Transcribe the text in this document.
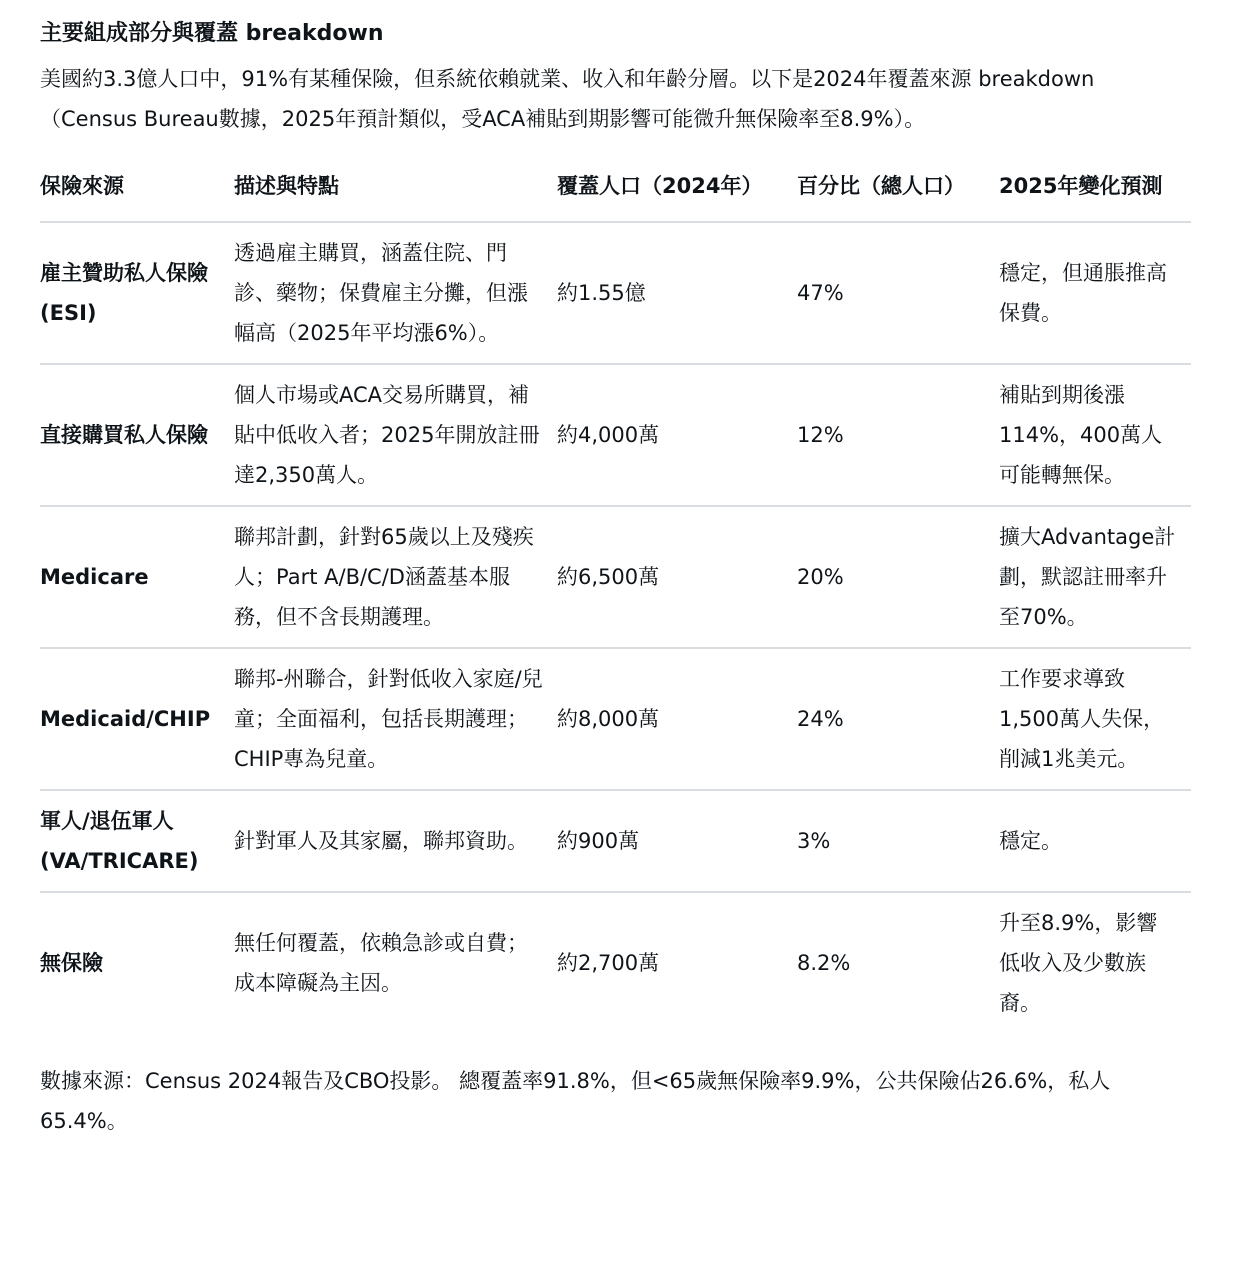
主要組成部分與覆蓋 breakdown

美國約3.3億人口中，91%有某種保險，但系統依賴就業、收入和年齡分層。以下是2024年覆蓋來源 breakdown（Census Bureau數據，2025年預計類似，受ACA補貼到期影響可能微升無保險率至8.9%）。

保險來源	描述與特點	覆蓋人口（2024年）	百分比（總人口）	2025年變化預測
雇主贊助私人保險 (ESI)	透過雇主購買，涵蓋住院、門診、藥物；保費雇主分攤，但漲幅高（2025年平均漲6%）。	約1.55億	47%	穩定，但通脹推高保費。
直接購買私人保險	個人市場或ACA交易所購買，補貼中低收入者；2025年開放註冊達2,350萬人。	約4,000萬	12%	補貼到期後漲114%，400萬人可能轉無保。
Medicare	聯邦計劃，針對65歲以上及殘疾人；Part A/B/C/D涵蓋基本服務，但不含長期護理。	約6,500萬	20%	擴大Advantage計劃，默認註冊率升至70%。
Medicaid/CHIP	聯邦-州聯合，針對低收入家庭/兒童；全面福利，包括長期護理；CHIP專為兒童。	約8,000萬	24%	工作要求導致1,500萬人失保，削減1兆美元。
軍人/退伍軍人 (VA/TRICARE)	針對軍人及其家屬，聯邦資助。	約900萬	3%	穩定。
無保險	無任何覆蓋，依賴急診或自費；成本障礙為主因。	約2,700萬	8.2%	升至8.9%，影響低收入及少數族裔。

數據來源：Census 2024報告及CBO投影。 總覆蓋率91.8%，但<65歲無保險率9.9%，公共保險佔26.6%，私人65.4%。
